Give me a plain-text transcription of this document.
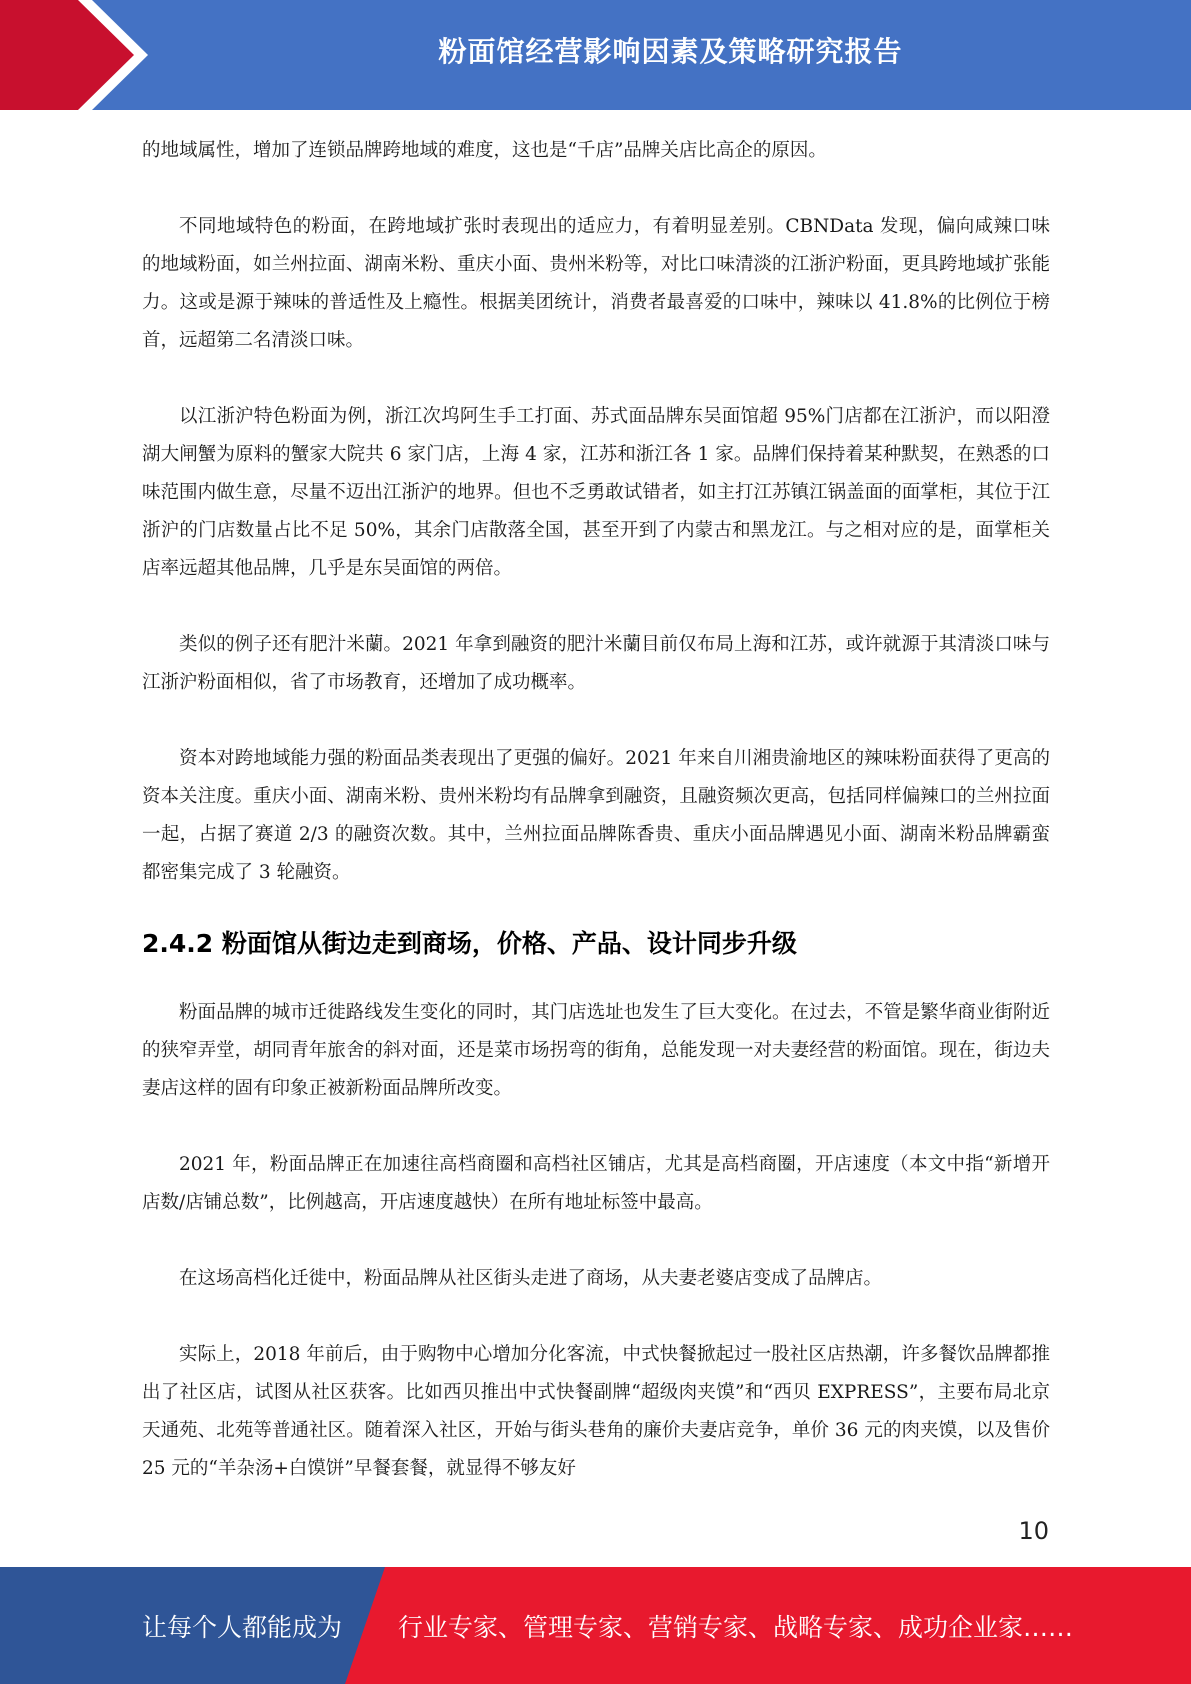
粉面馆经营影响因素及策略研究报告

的地域属性，增加了连锁品牌跨地域的难度，这也是“千店”品牌关店比高企的原因。

不同地域特色的粉面，在跨地域扩张时表现出的适应力，有着明显差别。CBNData 发现，偏向咸辣口味的地域粉面，如兰州拉面、湖南米粉、重庆小面、贵州米粉等，对比口味清淡的江浙沪粉面，更具跨地域扩张能力。这或是源于辣味的普适性及上瘾性。根据美团统计，消费者最喜爱的口味中，辣味以 41.8%的比例位于榜首，远超第二名清淡口味。

以江浙沪特色粉面为例，浙江次坞阿生手工打面、苏式面品牌东吴面馆超 95%门店都在江浙沪，而以阳澄湖大闸蟹为原料的蟹家大院共 6 家门店，上海 4 家，江苏和浙江各 1 家。品牌们保持着某种默契，在熟悉的口味范围内做生意，尽量不迈出江浙沪的地界。但也不乏勇敢试错者，如主打江苏镇江锅盖面的面掌柜，其位于江浙沪的门店数量占比不足 50%，其余门店散落全国，甚至开到了内蒙古和黑龙江。与之相对应的是，面掌柜关店率远超其他品牌，几乎是东吴面馆的两倍。

类似的例子还有肥汁米蘭。2021 年拿到融资的肥汁米蘭目前仅布局上海和江苏，或许就源于其清淡口味与江浙沪粉面相似，省了市场教育，还增加了成功概率。

资本对跨地域能力强的粉面品类表现出了更强的偏好。2021 年来自川湘贵渝地区的辣味粉面获得了更高的资本关注度。重庆小面、湖南米粉、贵州米粉均有品牌拿到融资，且融资频次更高，包括同样偏辣口的兰州拉面一起，占据了赛道 2/3 的融资次数。其中，兰州拉面品牌陈香贵、重庆小面品牌遇见小面、湖南米粉品牌霸蛮都密集完成了 3 轮融资。

2.4.2 粉面馆从街边走到商场，价格、产品、设计同步升级

粉面品牌的城市迁徙路线发生变化的同时，其门店选址也发生了巨大变化。在过去，不管是繁华商业街附近的狭窄弄堂，胡同青年旅舍的斜对面，还是菜市场拐弯的街角，总能发现一对夫妻经营的粉面馆。现在，街边夫妻店这样的固有印象正被新粉面品牌所改变。

2021 年，粉面品牌正在加速往高档商圈和高档社区铺店，尤其是高档商圈，开店速度（本文中指“新增开店数/店铺总数”，比例越高，开店速度越快）在所有地址标签中最高。

在这场高档化迁徙中，粉面品牌从社区街头走进了商场，从夫妻老婆店变成了品牌店。

实际上，2018 年前后，由于购物中心增加分化客流，中式快餐掀起过一股社区店热潮，许多餐饮品牌都推出了社区店，试图从社区获客。比如西贝推出中式快餐副牌“超级肉夹馍”和“西贝 EXPRESS”，主要布局北京天通苑、北苑等普通社区。随着深入社区，开始与街头巷角的廉价夫妻店竞争，单价 36 元的肉夹馍，以及售价 25 元的“羊杂汤+白馍饼”早餐套餐，就显得不够友好

10
让每个人都能成为 行业专家、管理专家、营销专家、战略专家、成功企业家……
